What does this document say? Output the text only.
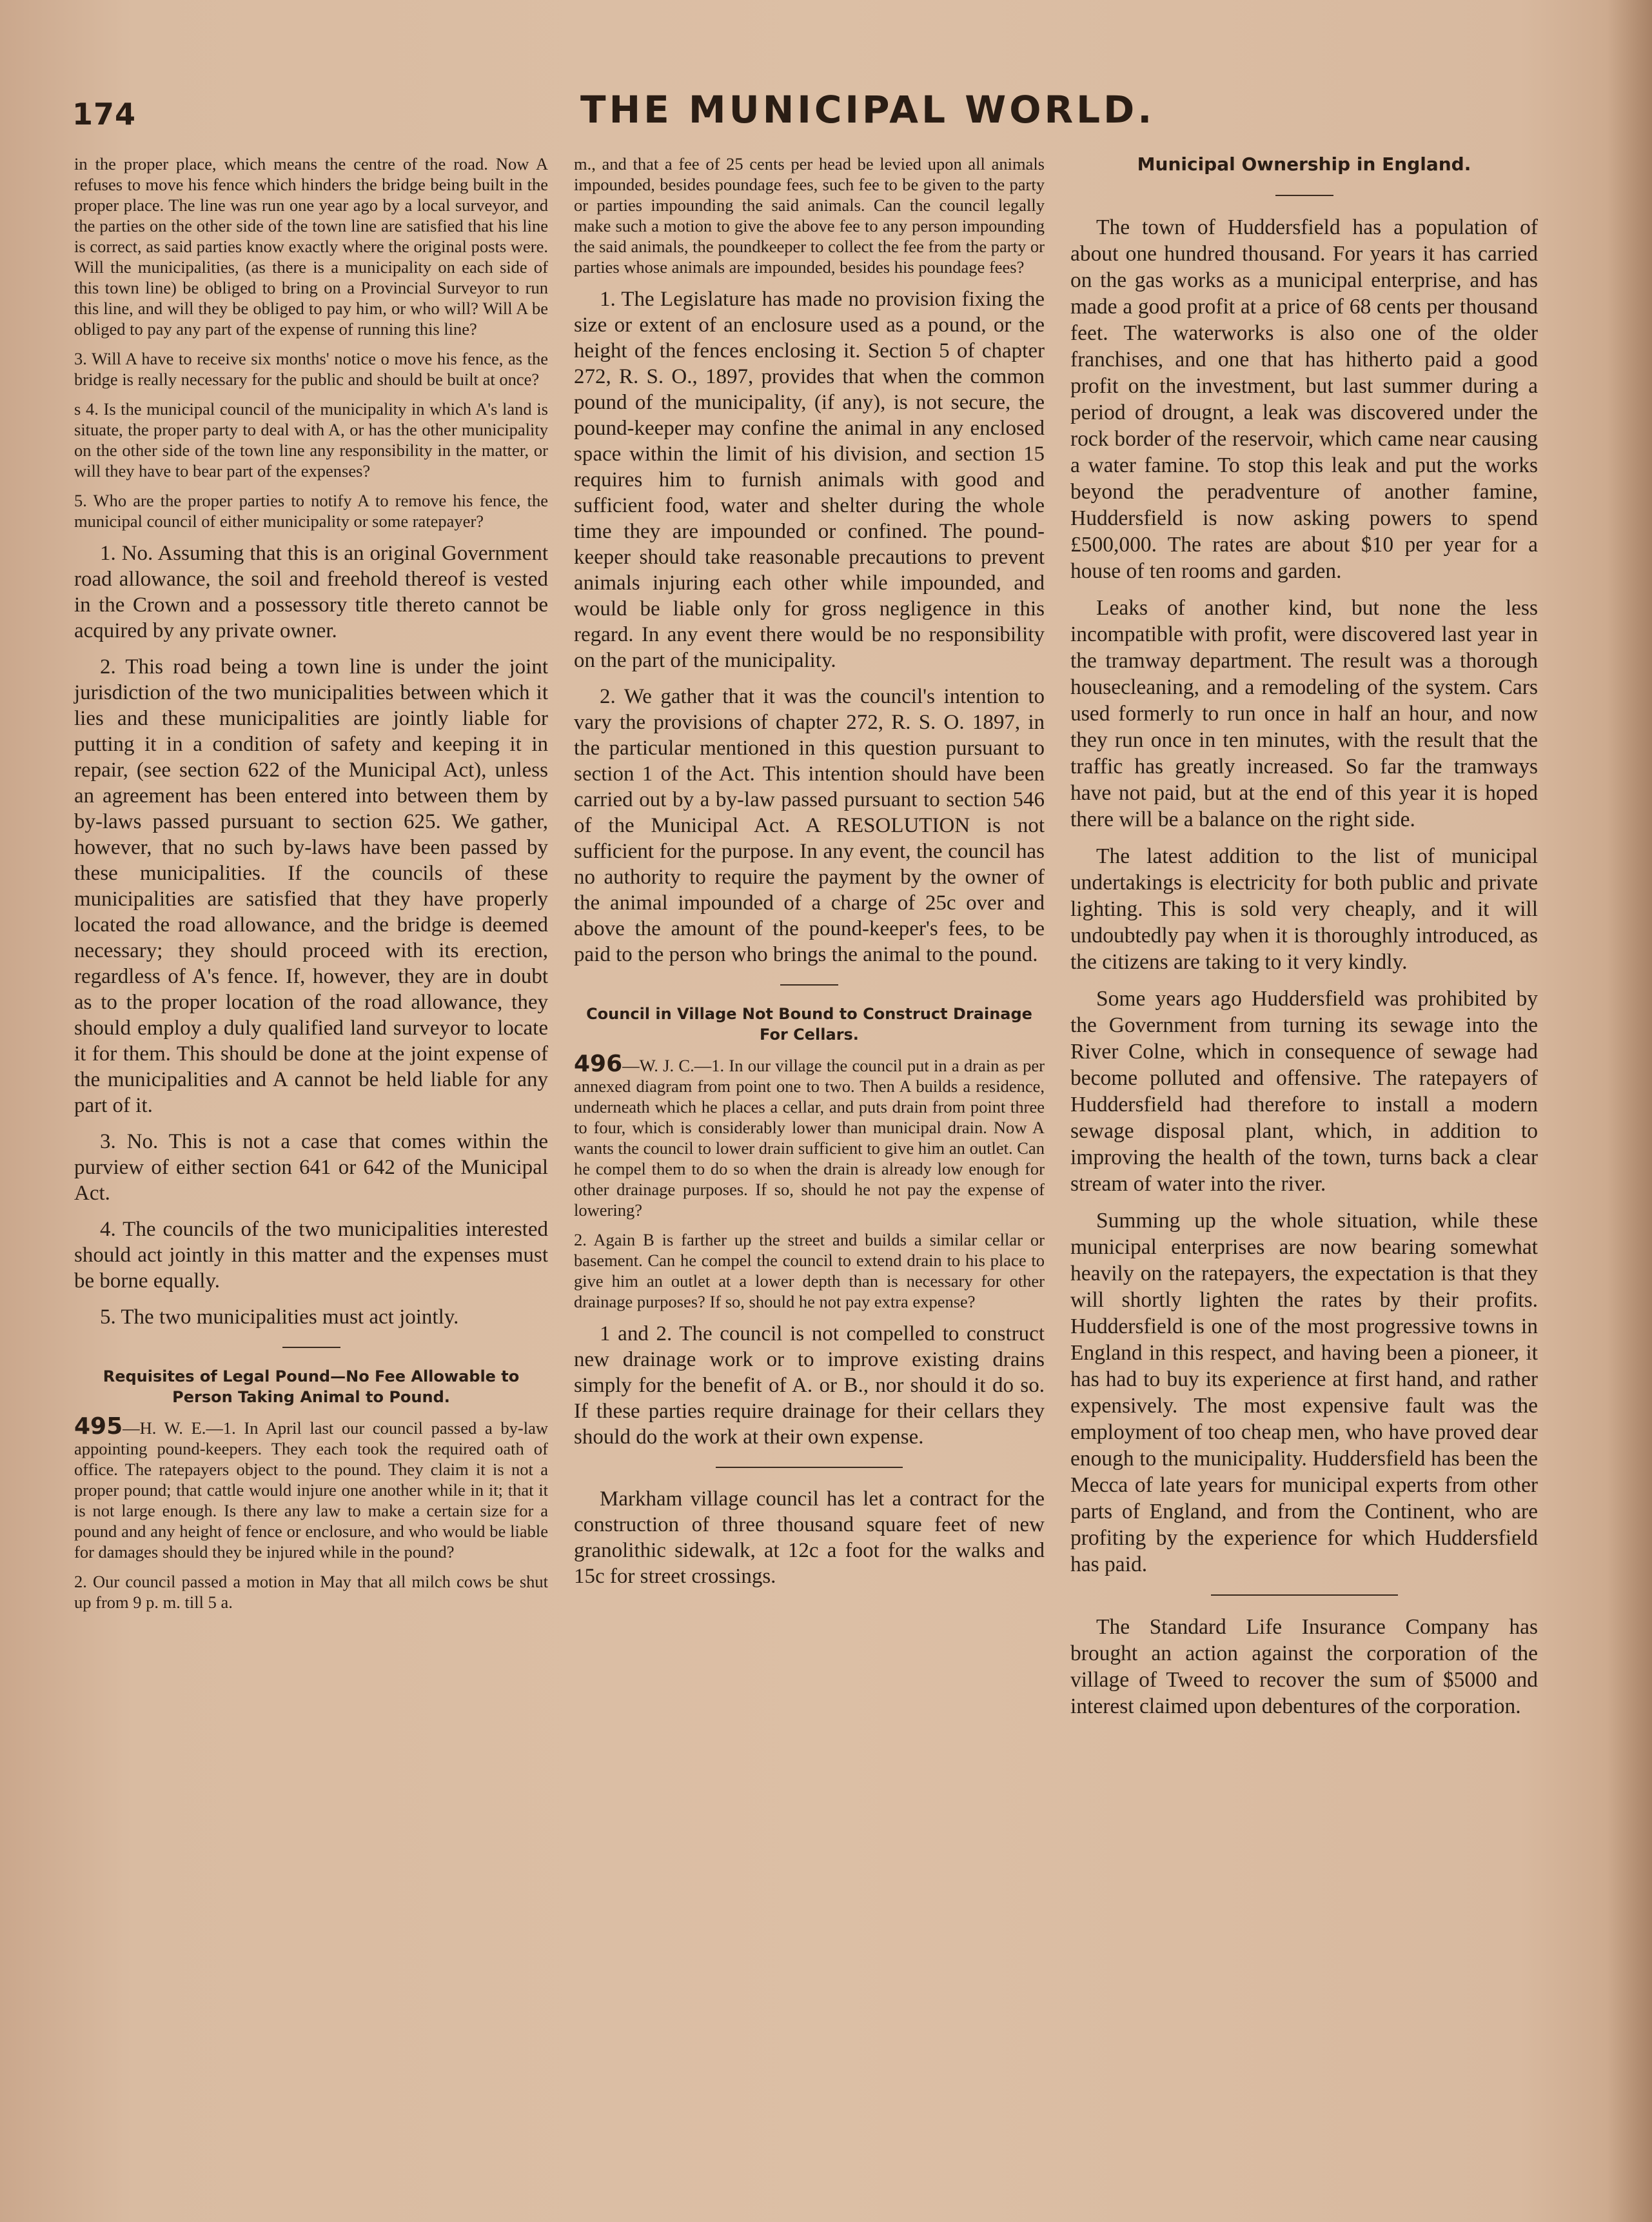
174	THE MUNICIPAL WORLD.

in the proper place, which means the centre of the road. Now A refuses to move his fence which hinders the bridge being built in the proper place. The line was run one year ago by a local surveyor, and the parties on the other side of the town line are satisfied that his line is correct, as said parties know exactly where the original posts were. Will the municipalities, (as there is a municipality on each side of this town line) be obliged to bring on a Provincial Surveyor to run this line, and will they be obliged to pay him, or who will? Will A be obliged to pay any part of the expense of running this line?

3. Will A have to receive six months' notice o move his fence, as the bridge is really necessary for the public and should be built at once?

s 4. Is the municipal council of the municipality in which A's land is situate, the proper party to deal with A, or has the other municipality on the other side of the town line any responsibility in the matter, or will they have to bear part of the expenses?

5. Who are the proper parties to notify A to remove his fence, the municipal council of either municipality or some ratepayer?

1. No. Assuming that this is an original Government road allowance, the soil and freehold thereof is vested in the Crown and a possessory title thereto cannot be acquired by any private owner.

2. This road being a town line is under the joint jurisdiction of the two municipalities between which it lies and these municipalities are jointly liable for putting it in a condition of safety and keeping it in repair, (see section 622 of the Municipal Act), unless an agreement has been entered into between them by by-laws passed pursuant to section 625. We gather, however, that no such by-laws have been passed by these municipalities. If the councils of these municipalities are satisfied that they have properly located the road allowance, and the bridge is deemed necessary; they should proceed with its erection, regardless of A's fence. If, however, they are in doubt as to the proper location of the road allowance, they should employ a duly qualified land surveyor to locate it for them. This should be done at the joint expense of the municipalities and A cannot be held liable for any part of it.

3. No. This is not a case that comes within the purview of either section 641 or 642 of the Municipal Act.

4. The councils of the two municipalities interested should act jointly in this matter and the expenses must be borne equally.

5. The two municipalities must act jointly.

Requisites of Legal Pound—No Fee Allowable to Person Taking Animal to Pound.

495—H. W. E.—1. In April last our council passed a by-law appointing pound-keepers. They each took the required oath of office. The ratepayers object to the pound. They claim it is not a proper pound; that cattle would injure one another while in it; that it is not large enough. Is there any law to make a certain size for a pound and any height of fence or enclosure, and who would be liable for damages should they be injured while in the pound?

2. Our council passed a motion in May that all milch cows be shut up from 9 p. m. till 5 a.

m., and that a fee of 25 cents per head be levied upon all animals impounded, besides poundage fees, such fee to be given to the party or parties impounding the said animals. Can the council legally make such a motion to give the above fee to any person impounding the said animals, the poundkeeper to collect the fee from the party or parties whose animals are impounded, besides his poundage fees?

1. The Legislature has made no provision fixing the size or extent of an enclosure used as a pound, or the height of the fences enclosing it. Section 5 of chapter 272, R. S. O., 1897, provides that when the common pound of the municipality, (if any), is not secure, the pound-keeper may confine the animal in any enclosed space within the limit of his division, and section 15 requires him to furnish animals with good and sufficient food, water and shelter during the whole time they are impounded or confined. The pound-keeper should take reasonable precautions to prevent animals injuring each other while impounded, and would be liable only for gross negligence in this regard. In any event there would be no responsibility on the part of the municipality.

2. We gather that it was the council's intention to vary the provisions of chapter 272, R. S. O. 1897, in the particular mentioned in this question pursuant to section 1 of the Act. This intention should have been carried out by a by-law passed pursuant to section 546 of the Municipal Act. A RESOLUTION is not sufficient for the purpose. In any event, the council has no authority to require the payment by the owner of the animal impounded of a charge of 25c over and above the amount of the pound-keeper's fees, to be paid to the person who brings the animal to the pound.

Council in Village Not Bound to Construct Drainage For Cellars.

496—W. J. C.—1. In our village the council put in a drain as per annexed diagram from point one to two. Then A builds a residence, underneath which he places a cellar, and puts drain from point three to four, which is considerably lower than municipal drain. Now A wants the council to lower drain sufficient to give him an outlet. Can he compel them to do so when the drain is already low enough for other drainage purposes. If so, should he not pay the expense of lowering?

2. Again B is farther up the street and builds a similar cellar or basement. Can he compel the council to extend drain to his place to give him an outlet at a lower depth than is necessary for other drainage purposes? If so, should he not pay extra expense?

1 and 2. The council is not compelled to construct new drainage work or to improve existing drains simply for the benefit of A. or B., nor should it do so. If these parties require drainage for their cellars they should do the work at their own expense.

Markham village council has let a contract for the construction of three thousand square feet of new granolithic sidewalk, at 12c a foot for the walks and 15c for street crossings.

Municipal Ownership in England.

The town of Huddersfield has a population of about one hundred thousand. For years it has carried on the gas works as a municipal enterprise, and has made a good profit at a price of 68 cents per thousand feet. The waterworks is also one of the older franchises, and one that has hitherto paid a good profit on the investment, but last summer during a period of drougnt, a leak was discovered under the rock border of the reservoir, which came near causing a water famine. To stop this leak and put the works beyond the peradventure of another famine, Huddersfield is now asking powers to spend £500,000. The rates are about $10 per year for a house of ten rooms and garden.

Leaks of another kind, but none the less incompatible with profit, were discovered last year in the tramway department. The result was a thorough housecleaning, and a remodeling of the system. Cars used formerly to run once in half an hour, and now they run once in ten minutes, with the result that the traffic has greatly increased. So far the tramways have not paid, but at the end of this year it is hoped there will be a balance on the right side.

The latest addition to the list of municipal undertakings is electricity for both public and private lighting. This is sold very cheaply, and it will undoubtedly pay when it is thoroughly introduced, as the citizens are taking to it very kindly.

Some years ago Huddersfield was prohibited by the Government from turning its sewage into the River Colne, which in consequence of sewage had become polluted and offensive. The ratepayers of Huddersfield had therefore to install a modern sewage disposal plant, which, in addition to improving the health of the town, turns back a clear stream of water into the river.

Summing up the whole situation, while these municipal enterprises are now bearing somewhat heavily on the ratepayers, the expectation is that they will shortly lighten the rates by their profits. Huddersfield is one of the most progressive towns in England in this respect, and having been a pioneer, it has had to buy its experience at first hand, and rather expensively. The most expensive fault was the employment of too cheap men, who have proved dear enough to the municipality. Huddersfield has been the Mecca of late years for municipal experts from other parts of England, and from the Continent, who are profiting by the experience for which Huddersfield has paid.

The Standard Life Insurance Company has brought an action against the corporation of the village of Tweed to recover the sum of $5000 and interest claimed upon debentures of the corporation.
